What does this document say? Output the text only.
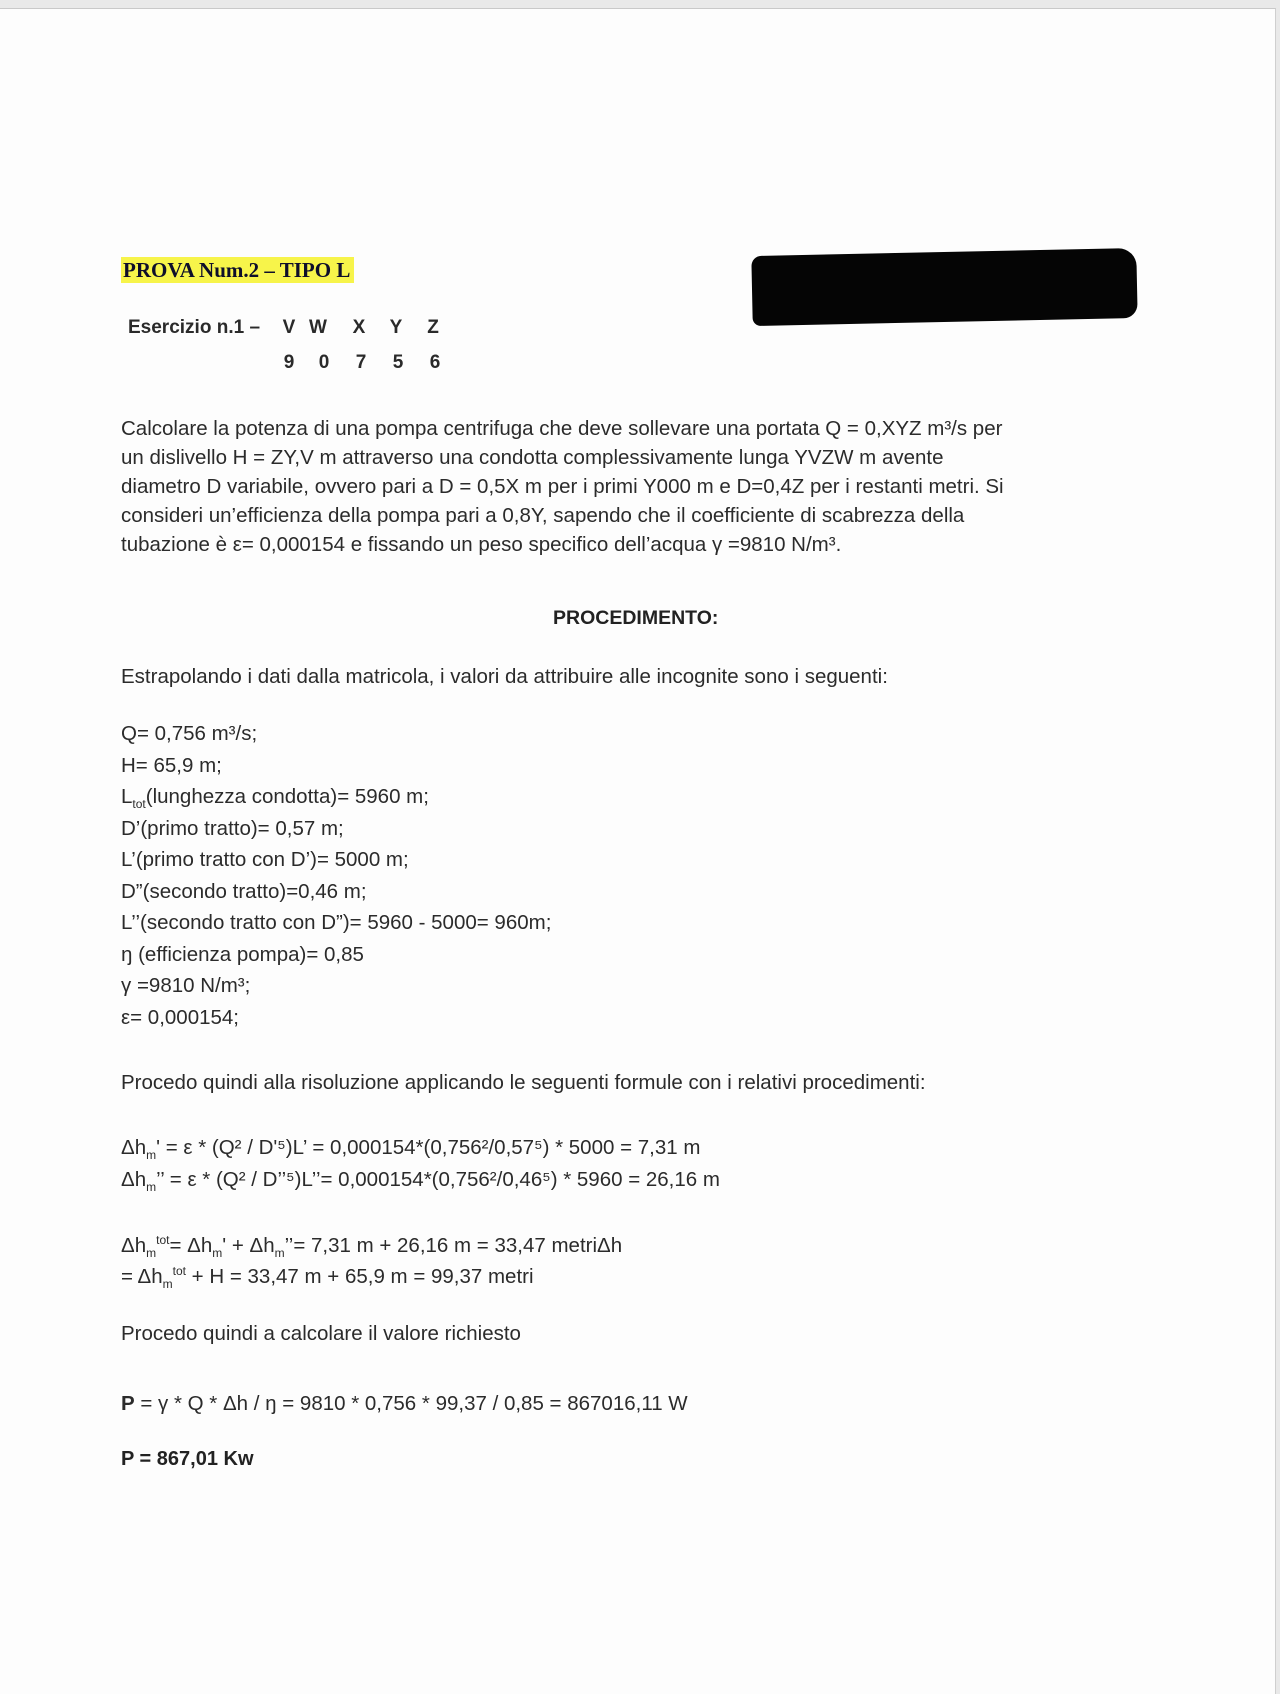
PROVA Num.2 – TIPO L
Esercizio n.1 – V W X Y Z
9 0 7 5 6
Calcolare la potenza di una pompa centrifuga che deve sollevare una portata Q = 0,XYZ m³/s per
un dislivello H = ZY,V m attraverso una condotta complessivamente lunga YVZW m avente
diametro D variabile, ovvero pari a D = 0,5X m per i primi Y000 m e D=0,4Z per i restanti metri. Si
consideri un’efficienza della pompa pari a 0,8Y, sapendo che il coefficiente di scabrezza della
tubazione è ε= 0,000154 e fissando un peso specifico dell’acqua γ =9810 N/m³.
PROCEDIMENTO:
Estrapolando i dati dalla matricola, i valori da attribuire alle incognite sono i seguenti:
Q= 0,756 m³/s;
H= 65,9 m;
$L_{tot}(lunghezza$ condotta)= 5960 m;
D’(primo tratto)= 0,57 m;
L’(primo tratto con D’)= 5000 m;
D”(secondo tratto)=0,46 m;
L’’(secondo tratto con D”)= 5960 - 5000= 960m;
ŋ (efficienza pompa)= 0,85
γ =9810 N/m³;
ε= 0,000154;
Procedo quindi alla risoluzione applicando le seguenti formule con i relativi procedimenti:
$\Delta h_m' = \varepsilon * (Q^2 / D'^5)L$’ = 0,000154*(0,756²/0,57⁵) * 5000 = 7,31 m
$\Delta h_m$’’ = ε * (Q² / D’’⁵)L’’= 0,000154*(0,756²/0,46⁵) * 5960 = 26,16 m
$\Delta h_m^{tot}= \Delta h_m'$ + $\Delta h_m’’= 7,31$ m + 26,16 m = 33,47 metriΔh
= $\Delta h_m^{tot} + H = 33,47$ m + 65,9 m = 99,37 metri
Procedo quindi a calcolare il valore richiesto
P = γ * Q * Δh / ŋ = 9810 * 0,756 * 99,37 / 0,85 = 867016,11 W
P = 867,01 Kw
